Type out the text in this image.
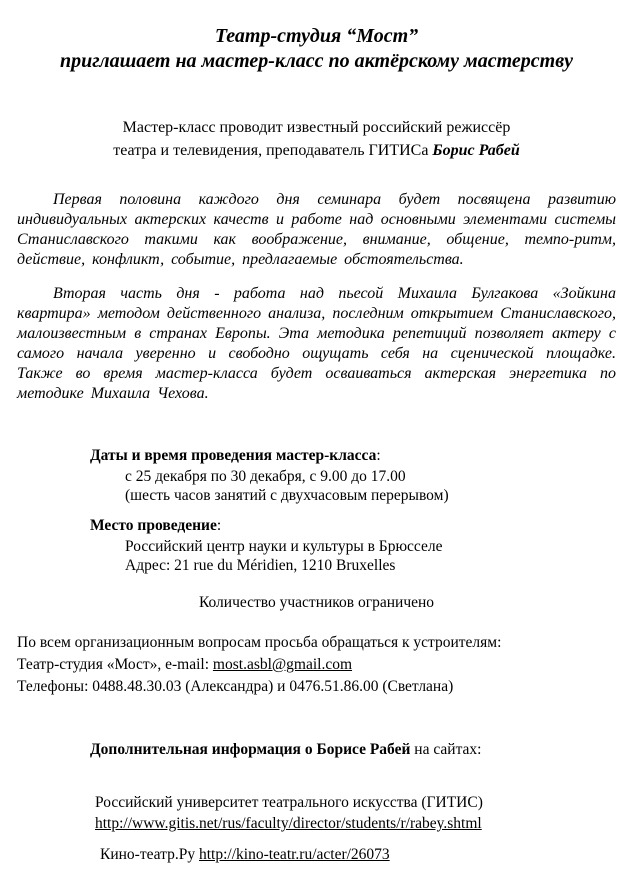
Театр-студия “Мост”
приглашает на мастер-класс по актёрскому мастерству
Мастер-класс проводит известный российский режиссёр
театра и телевидения, преподаватель ГИТИСа Борис Рабей

Первая половина каждого дня семинара будет посвящена развитию индивидуальных актерских качеств и работе над основными элементами системы Станиславского такими как воображение, внимание, общение, темпо-ритм, действие, конфликт, событие, предлагаемые обстоятельства.

Вторая часть дня - работа над пьесой Михаила Булгакова «Зойкина квартира» методом действенного анализа, последним открытием Станиславского, малоизвестным в странах Европы. Эта методика репетиций позволяет актеру с самого начала уверенно и свободно ощущать себя на сценической площадке. Также во время мастер-класса будет осваиваться актерская энергетика по методике Михаила Чехова.

Даты и время проведения мастер-класса:
с 25 декабря по 30 декабря, с 9.00 до 17.00
(шесть часов занятий с двухчасовым перерывом)
Место проведение:
Российский центр науки и культуры в Брюсселе
Адрес: 21 rue du Méridien, 1210 Bruxelles
Количество участников ограничено
По всем организационным вопросам просьба обращаться к устроителям:
Театр-студия «Мост», e-mail: most.asbl@gmail.com
Телефоны: 0488.48.30.03 (Александра) и 0476.51.86.00 (Светлана)
Дополнительная информация о Борисе Рабей на сайтах:
Российский университет театрального искусства (ГИТИС)
http://www.gitis.net/rus/faculty/director/students/r/rabey.shtml
Кино-театр.Ру http://kino-teatr.ru/acter/26073
